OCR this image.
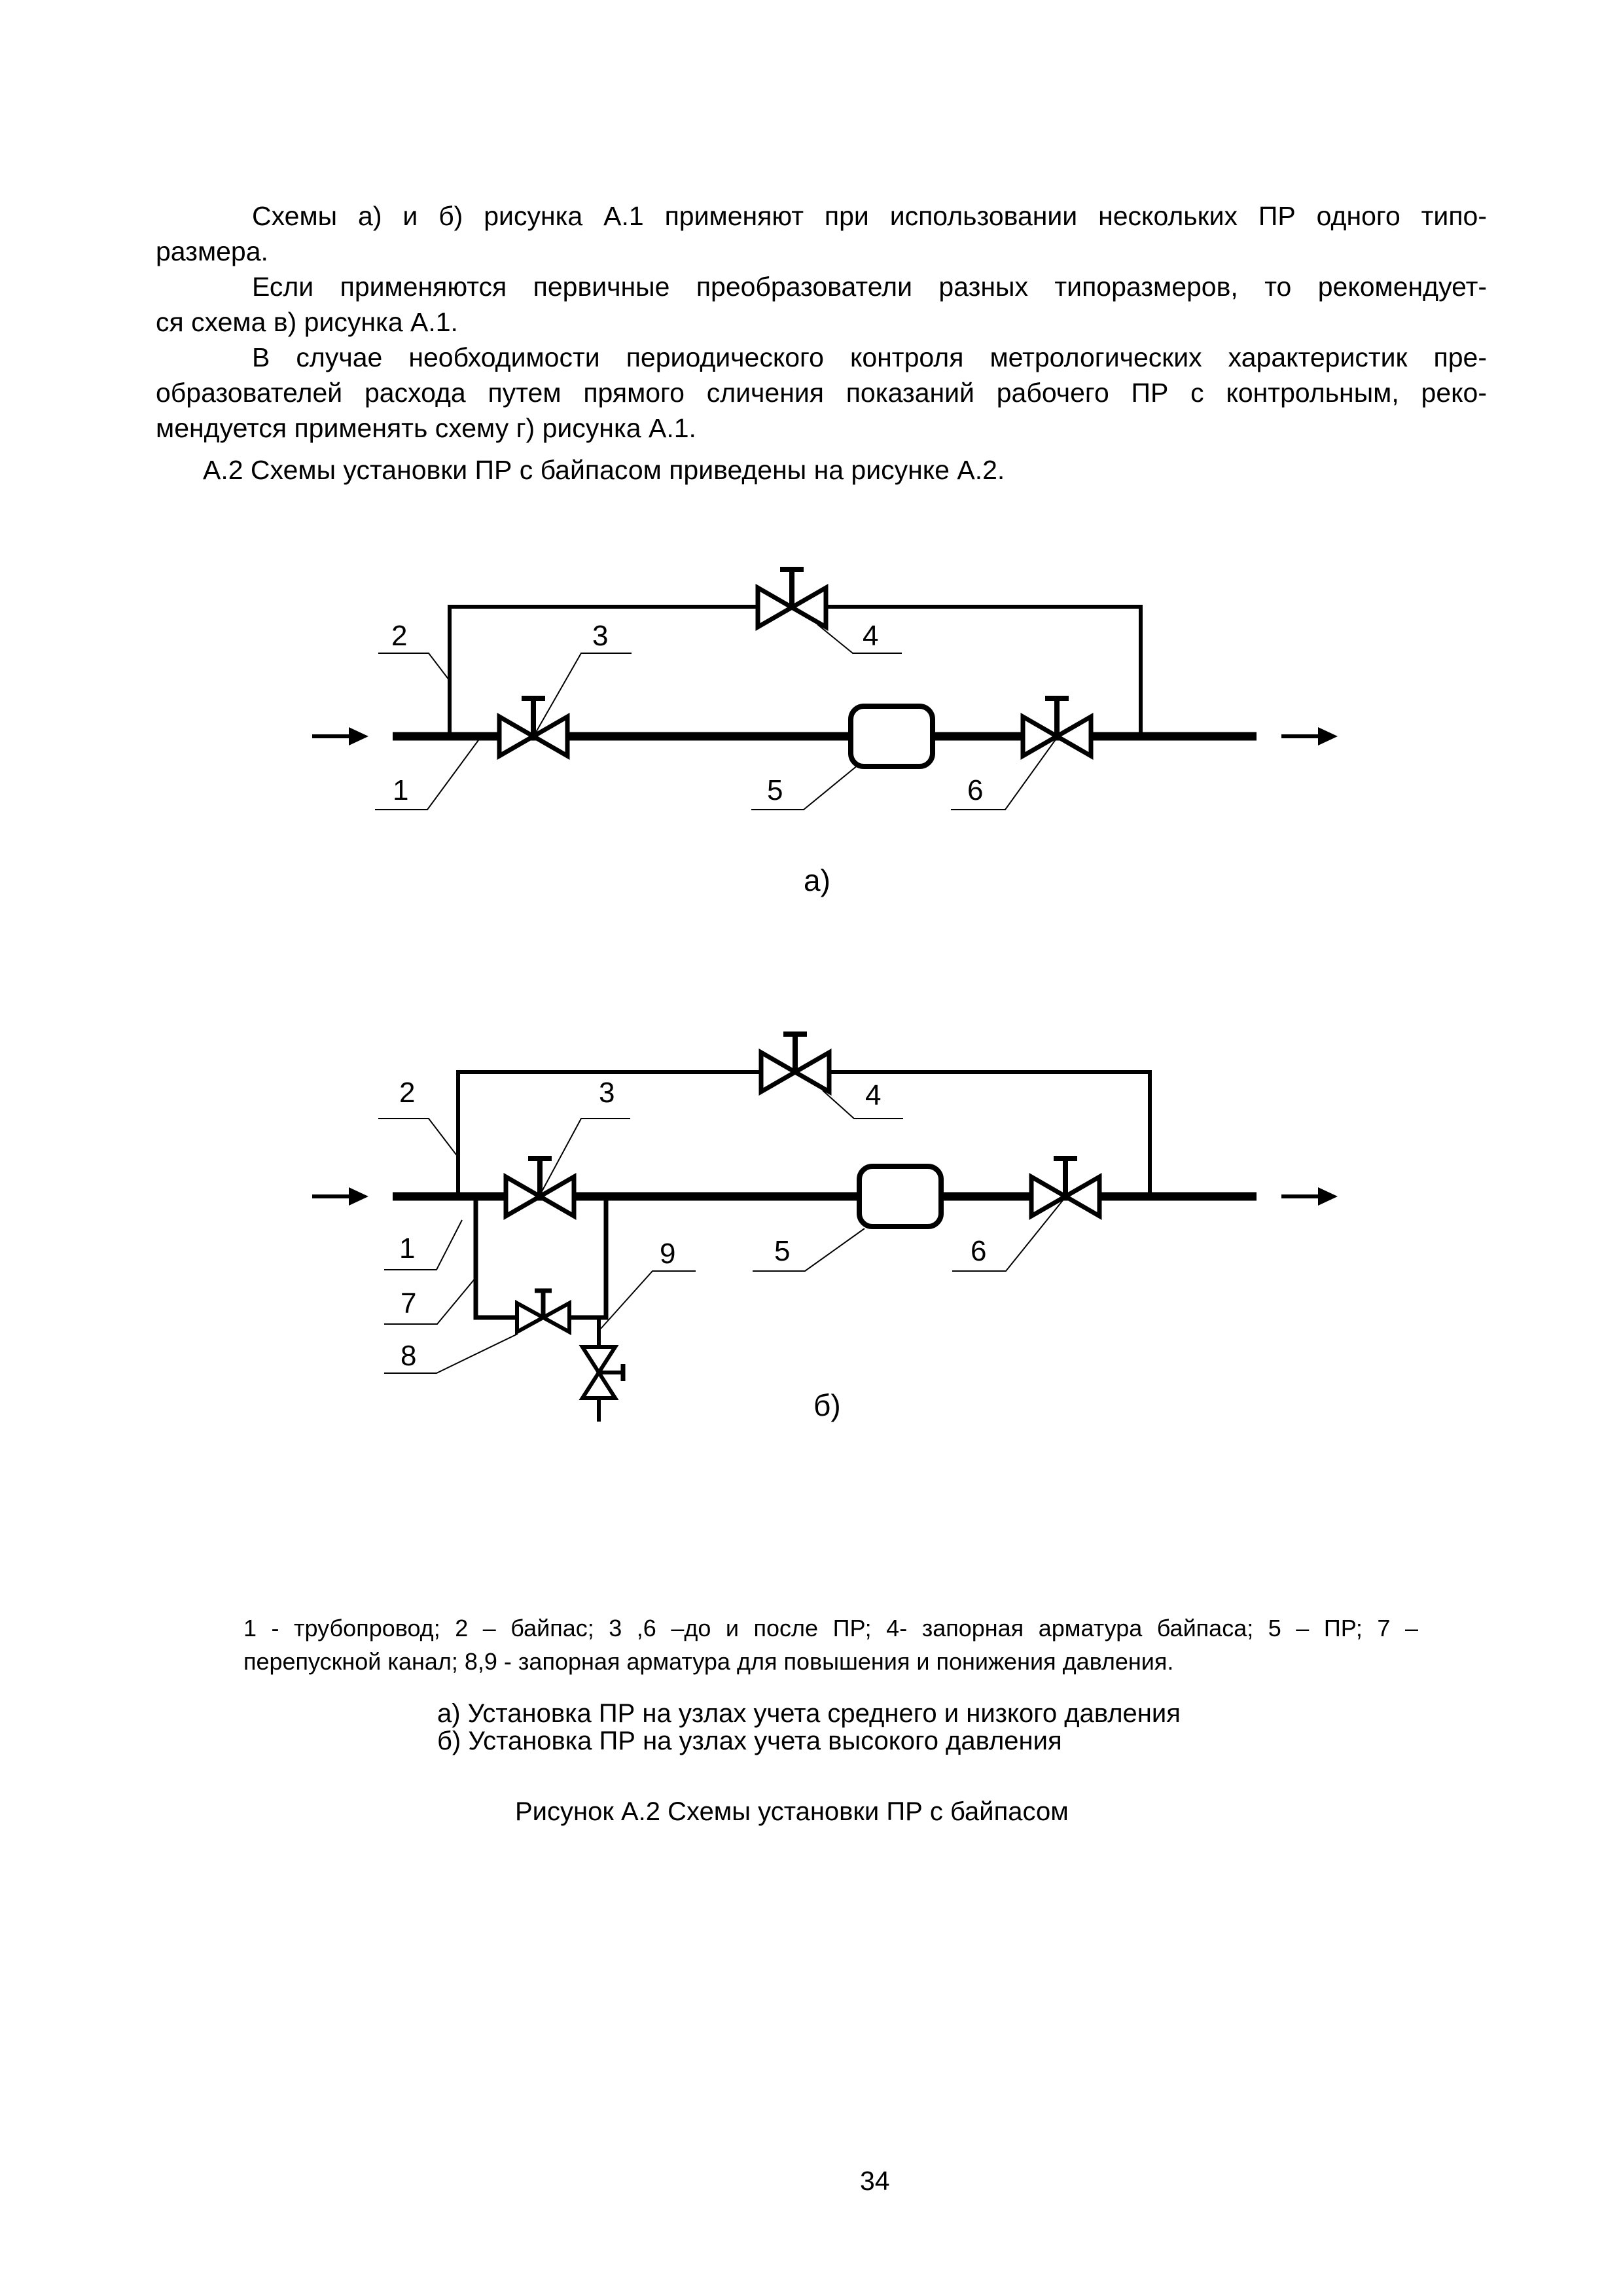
Схемы а) и б) рисунка А.1 применяют при использовании нескольких ПР одного типо-
размера.
Если применяются первичные преобразователи разных типоразмеров, то рекомендует-
ся схема в) рисунка А.1.
В случае необходимости периодического контроля метрологических характеристик пре-
образователей расхода путем прямого сличения показаний рабочего ПР с контрольным, реко-
мендуется применять схему г) рисунка А.1.
А.2 Схемы установки ПР с байпасом приведены на рисунке А.2.
2	3	4
1	5	6
а)
2	3	4
1	9	5	6
7
8
б)
1 - трубопровод; 2 – байпас; 3 ,6 –до и после ПР; 4- запорная арматура байпаса; 5 – ПР; 7 –
перепускной канал; 8,9 - запорная арматура для повышения и понижения давления.
а) Установка ПР на узлах учета среднего и низкого давления
б) Установка ПР на узлах учета высокого давления
Рисунок А.2 Схемы установки ПР с байпасом
34
